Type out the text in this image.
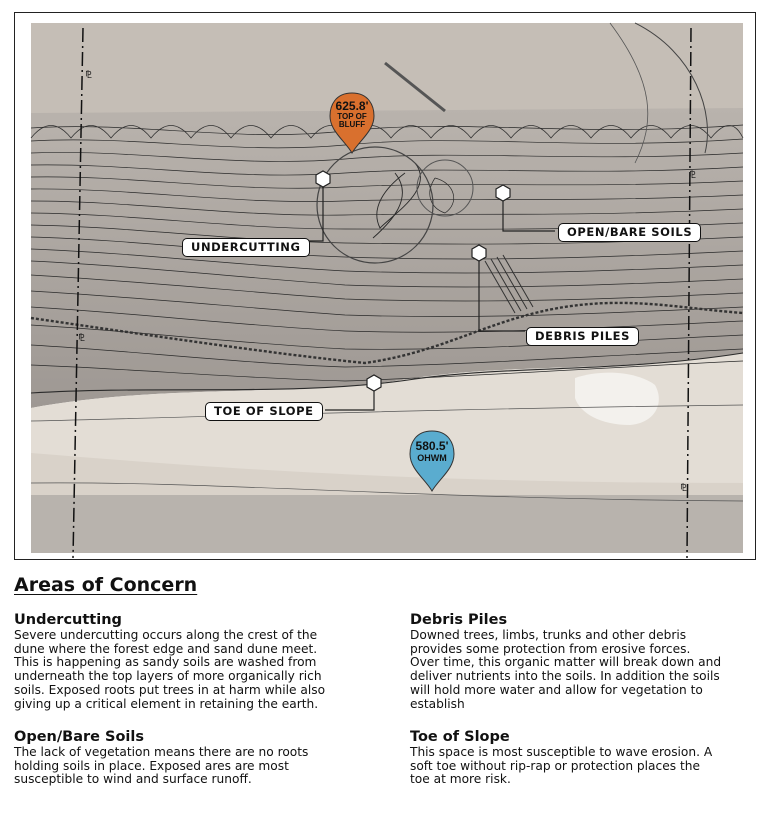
⅊
⅊
⅊
⅊
UNDERCUTTING
OPEN/BARE SOILS
DEBRIS PILES
TOE OF SLOPE
625.8'
TOP OF
BLUFF
580.5'
OHWM
Areas of Concern
Undercutting

Severe undercutting occurs along the crest of the

dune where the forest edge and sand dune meet.

This is happening as sandy soils are washed from

underneath the top layers of more organically rich

soils. Exposed roots put trees in at harm while also

giving up a critical element in retaining the earth.

Open/Bare Soils

The lack of vegetation means there are no roots

holding soils in place. Exposed ares are most

susceptible to wind and surface runoff.

Debris Piles

Downed trees, limbs, trunks and other debris

provides some protection from erosive forces.

Over time, this organic matter will break down and

deliver nutrients into the soils. In addition the soils

will hold more water and allow for vegetation to

establish

Toe of Slope

This space is most susceptible to wave erosion. A

soft toe without rip-rap or protection places the

toe at more risk.
